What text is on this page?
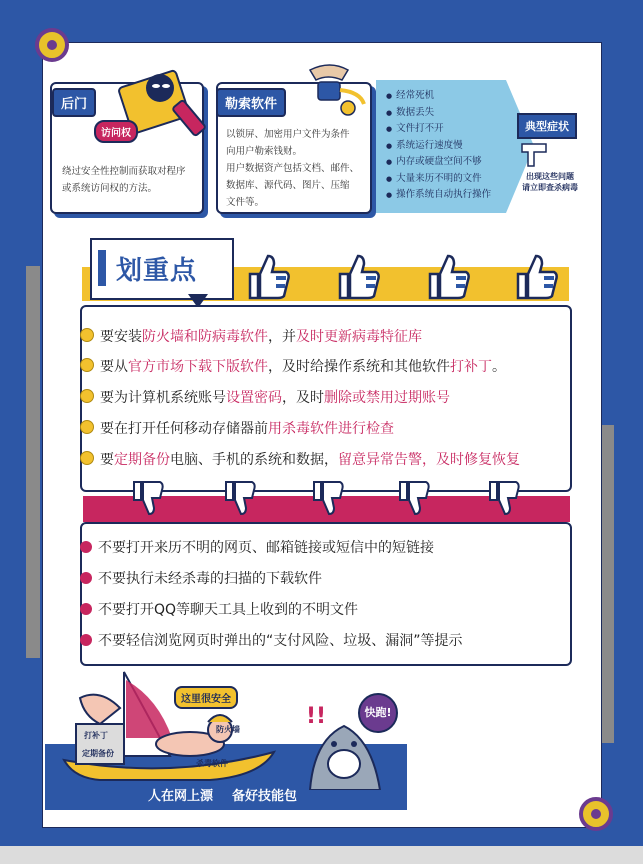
后门
访问权
绕过安全性控制而获取对程序
或系统访问权的方法。
勒索软件
以锁屏、加密用户文件为条件
向用户勒索钱财。
用户数据资产包括文档、邮件、
数据库、源代码、图片、压缩
文件等。
● 经常死机
● 数据丢失
● 文件打不开
● 系统运行速度慢
● 内存或硬盘空间不够
● 大量来历不明的文件
● 操作系统自动执行操作
典型症状
出现这些问题
请立即查杀病毒
划重点
要安装防火墙和防病毒软件，并及时更新病毒特征库
要从官方市场下载下版软件，及时给操作系统和其他软件打补丁。
要为计算机系统账号设置密码，及时删除或禁用过期账号
要在打开任何移动存储器前用杀毒软件进行检查
要定期备份电脑、手机的系统和数据，留意异常告警，及时修复恢复
不要打开来历不明的网页、邮箱链接或短信中的短链接
不要执行未经杀毒的扫描的下载软件
不要打开QQ等聊天工具上收到的不明文件
不要轻信浏览网页时弹出的“支付风险、垃圾、漏洞”等提示
打补丁
定期备份
防火墙
杀毒软件
这里很安全
!!	快跑!
人在网上漂 备好技能包
